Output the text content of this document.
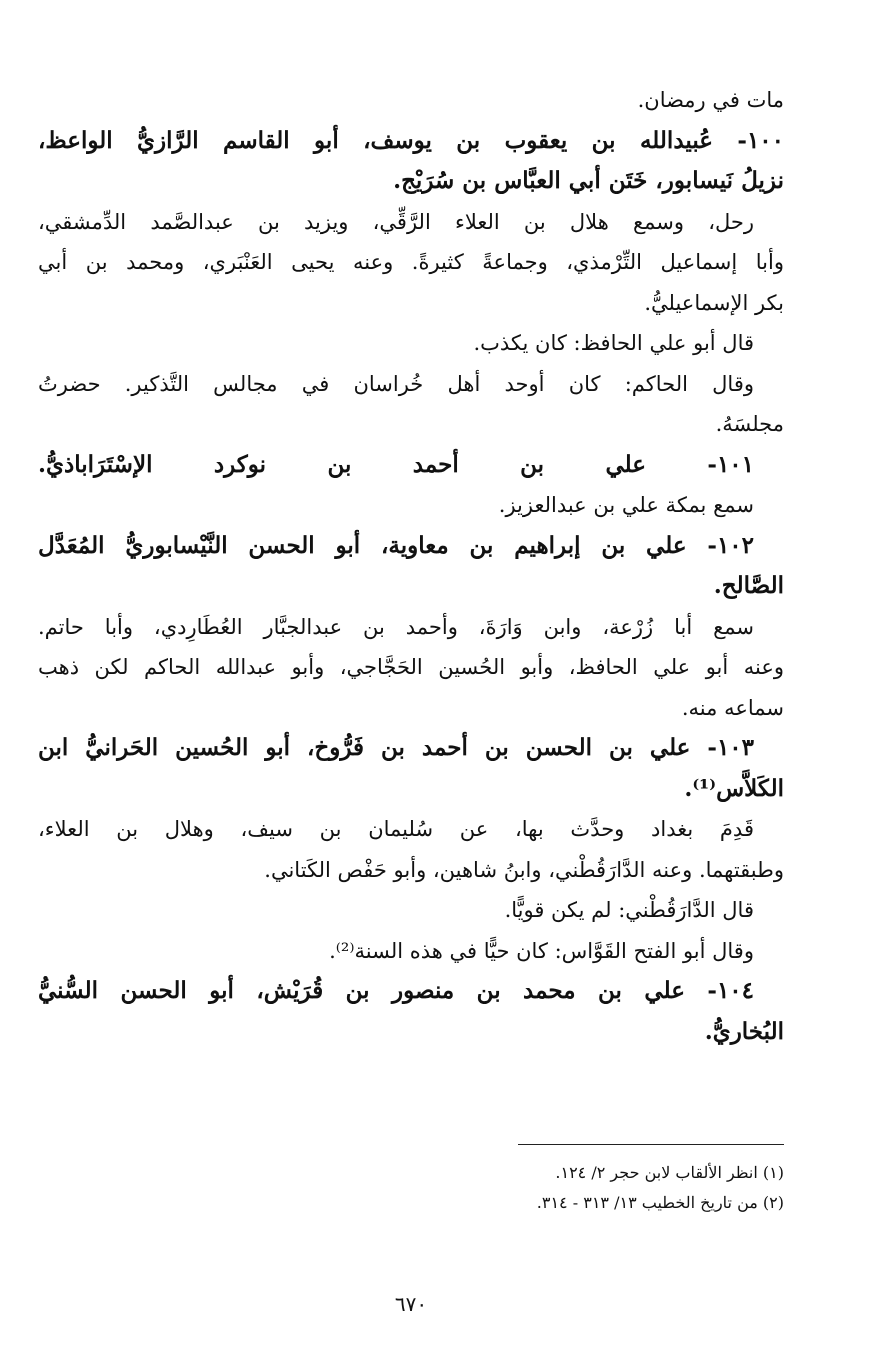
مات في رمضان.
١٠٠- عُبيدالله بن يعقوب بن يوسف، أبو القاسم الرَّازيُّ الواعظ،
نزيلُ نَيسابور، خَتَن أبي العبَّاس بن سُرَيْج.
رحل، وسمع هلال بن العلاء الرَّقِّي، ويزيد بن عبدالصَّمد الدِّمشقي،
وأبا إسماعيل التِّرْمذي، وجماعةً كثيرةً. وعنه يحيى العَنْبَري، ومحمد بن أبي
بكر الإسماعيليُّ.
قال أبو علي الحافظ: كان يكذب.
وقال الحاكم: كان أوحد أهل خُراسان في مجالس التَّذكير. حضرتُ
مجلسَهُ.
١٠١- علي بن أحمد بن نوكرد الإسْتَرَاباذيُّ.
سمع بمكة علي بن عبدالعزيز.
١٠٢- علي بن إبراهيم بن معاوية، أبو الحسن النَّيْسابوريُّ المُعَدَّل
الصَّالح.
سمع أبا زُرْعة، وابن وَارَةَ، وأحمد بن عبدالجبَّار العُطَارِدي، وأبا حاتم.
وعنه أبو علي الحافظ، وأبو الحُسين الحَجَّاجي، وأبو عبدالله الحاكم لكن ذهب
سماعه منه.
١٠٣- علي بن الحسن بن أحمد بن فَرُّوخ، أبو الحُسين الحَرانيُّ ابن
الكَلاَّس⁽¹⁾.
قَدِمَ بغداد وحدَّث بها، عن سُليمان بن سيف، وهلال بن العلاء،
وطبقتهما. وعنه الدَّارَقُطْني، وابنُ شاهين، وأبو حَفْص الكَتاني.
قال الدَّارَقُطْني: لم يكن قويًّا.
وقال أبو الفتح القَوَّاس: كان حيًّا في هذه السنة⁽²⁾.
١٠٤- علي بن محمد بن منصور بن قُرَيْش، أبو الحسن السُّنيُّ
البُخاريُّ.
(١) انظر الألقاب لابن حجر ٢/ ١٢٤.
(٢) من تاريخ الخطيب ١٣/ ٣١٣ - ٣١٤.
٦٧٠
